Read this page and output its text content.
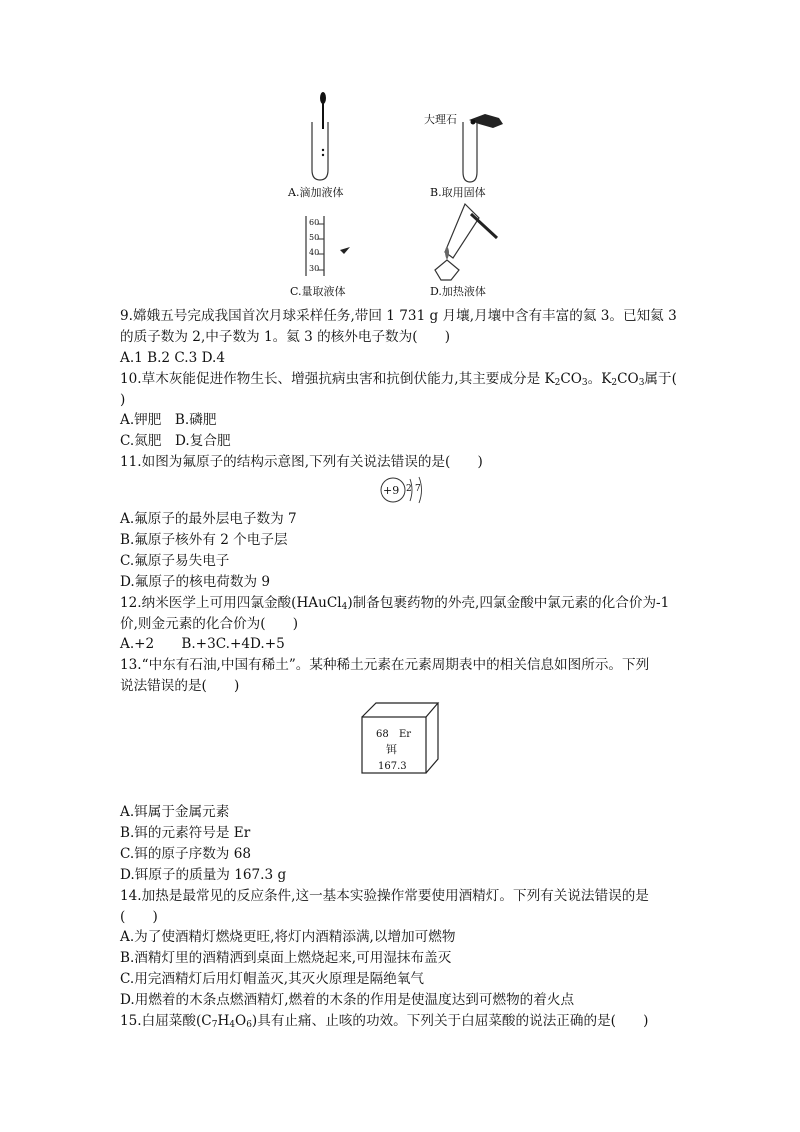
A.滴加液体
大理石
B.取用固体
60
50
40
30
C.量取液体	D.加热液体
9.嫦娥五号完成我国首次月球采样任务,带回 1 731 g 月壤,月壤中含有丰富的氦 3。已知氦 3
的质子数为 2,中子数为 1。氦 3 的核外电子数为(　　)
A.1 B.2 C.3 D.4
10.草木灰能促进作物生长、增强抗病虫害和抗倒伏能力,其主要成分是 $K_2CO_3$。$K_2CO_3$属于(
)
A.钾肥　B.磷肥
C.氮肥　D.复合肥
11.如图为氟原子的结构示意图,下列有关说法错误的是(　　)
+9 2 7
A.氟原子的最外层电子数为 7
B.氟原子核外有 2 个电子层
C.氟原子易失电子
D.氟原子的核电荷数为 9
12.纳米医学上可用四氯金酸(HAuCl$_4$)制备包裹药物的外壳,四氯金酸中氯元素的化合价为-1
价,则金元素的化合价为(　　)
A.+2　　B.+3C.+4D.+5
13.“中东有石油,中国有稀土”。某种稀土元素在元素周期表中的相关信息如图所示。下列
说法错误的是(　　)
68 Er
铒
167.3
A.铒属于金属元素
B.铒的元素符号是 Er
C.铒的原子序数为 68
D.铒原子的质量为 167.3 g
14.加热是最常见的反应条件,这一基本实验操作常要使用酒精灯。下列有关说法错误的是
(　　)
A.为了使酒精灯燃烧更旺,将灯内酒精添满,以增加可燃物
B.酒精灯里的酒精洒到桌面上燃烧起来,可用湿抹布盖灭
C.用完酒精灯后用灯帽盖灭,其灭火原理是隔绝氧气
D.用燃着的木条点燃酒精灯,燃着的木条的作用是使温度达到可燃物的着火点
15.白屈菜酸$(C_7H_4O_6)$具有止痛、止咳的功效。下列关于白屈菜酸的说法正确的是(　　)
